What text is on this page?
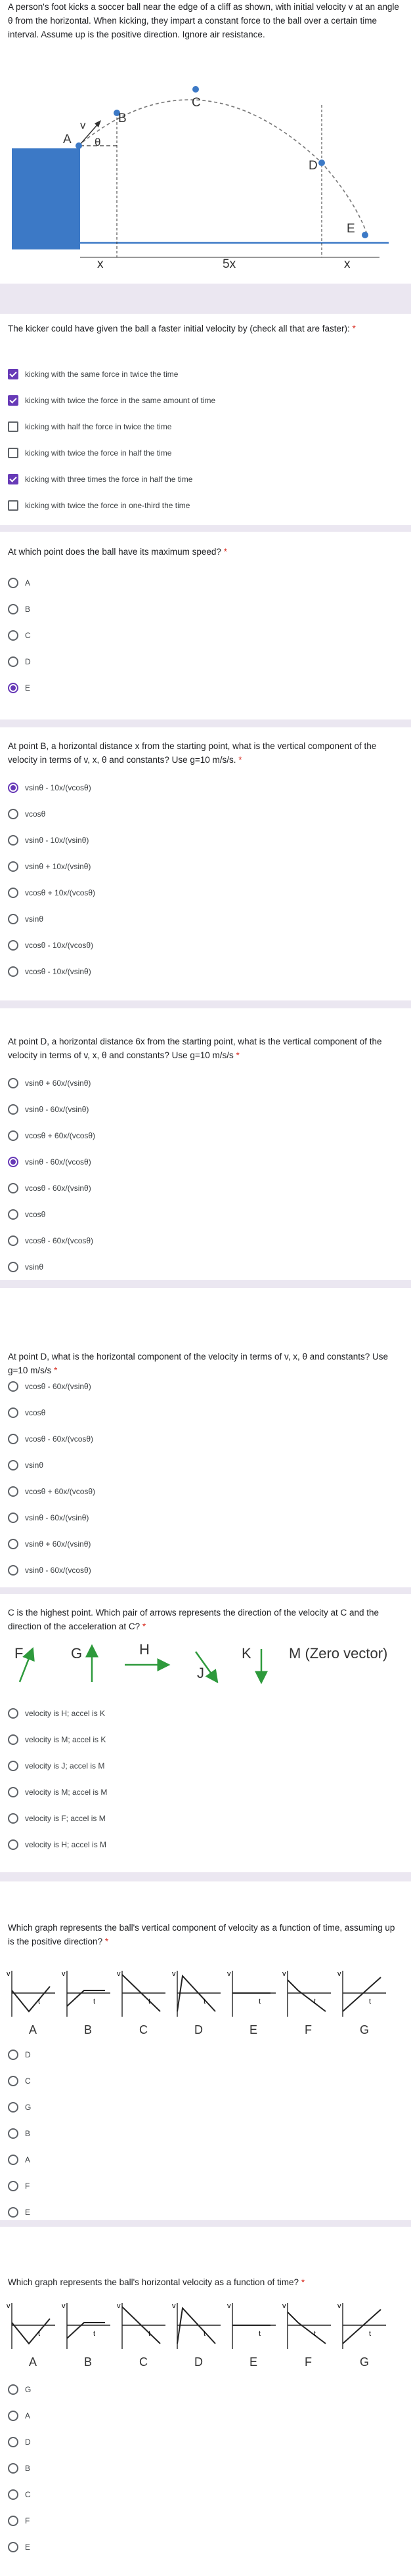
A person's foot kicks a soccer ball near the edge of a cliff as shown, with initial velocity v at an angle θ from the horizontal. When kicking, they impart a constant force to the ball over a certain time interval. Assume up is the positive direction. Ignore air resistance.
A
v
θ
B
C
D
E
x	5x	x
The kicker could have given the ball a faster initial velocity by (check all that are faster): *
kicking with the same force in twice the time
kicking with twice the force in the same amount of time
kicking with half the force in twice the time
kicking with twice the force in half the time
kicking with three times the force in half the time
kicking with twice the force in one-third the time
At which point does the ball have its maximum speed? *
A
B
C
D
E
At point B, a horizontal distance x from the starting point, what is the vertical component of the velocity in terms of v, x, θ and constants? Use g=10 m/s/s. *
vsinθ - 10x/(vcosθ)
vcosθ
vsinθ - 10x/(vsinθ)
vsinθ + 10x/(vsinθ)
vcosθ + 10x/(vcosθ)
vsinθ
vcosθ - 10x/(vcosθ)
vcosθ - 10x/(vsinθ)
At point D, a horizontal distance 6x from the starting point, what is the vertical component of the velocity in terms of v, x, θ and constants? Use g=10 m/s/s *
vsinθ + 60x/(vsinθ)
vsinθ - 60x/(vsinθ)
vcosθ + 60x/(vcosθ)
vsinθ - 60x/(vcosθ)
vcosθ - 60x/(vsinθ)
vcosθ
vcosθ - 60x/(vcosθ)
vsinθ
At point D, what is the horizontal component of the velocity in terms of v, x, θ and constants? Use g=10 m/s/s *
vcosθ - 60x/(vsinθ)
vcosθ
vcosθ - 60x/(vcosθ)
vsinθ
vcosθ + 60x/(vcosθ)
vsinθ - 60x/(vsinθ)
vsinθ + 60x/(vsinθ)
vsinθ - 60x/(vcosθ)
C is the highest point. Which pair of arrows represents the direction of the velocity at C and the direction of the acceleration at C? *
F	G	H
J
K	M (Zero vector)
velocity is H; accel is K
velocity is M; accel is K
velocity is J; accel is M
velocity is M; accel is M
velocity is F; accel is M
velocity is H; accel is M
Which graph represents the ball's vertical component of velocity as a function of time, assuming up is the positive direction? *
v
t
A
v
t
B
v
t
C
v
t
D
v
t
E
v
t
F
v
t
G
D
C
G
B
A
F
E
Which graph represents the ball's horizontal velocity as a function of time? *
v
t
A
v
t
B
v
t
C
v
t
D
v
t
E
v
t
F
v
t
G
G
A
D
B
C
F
E
